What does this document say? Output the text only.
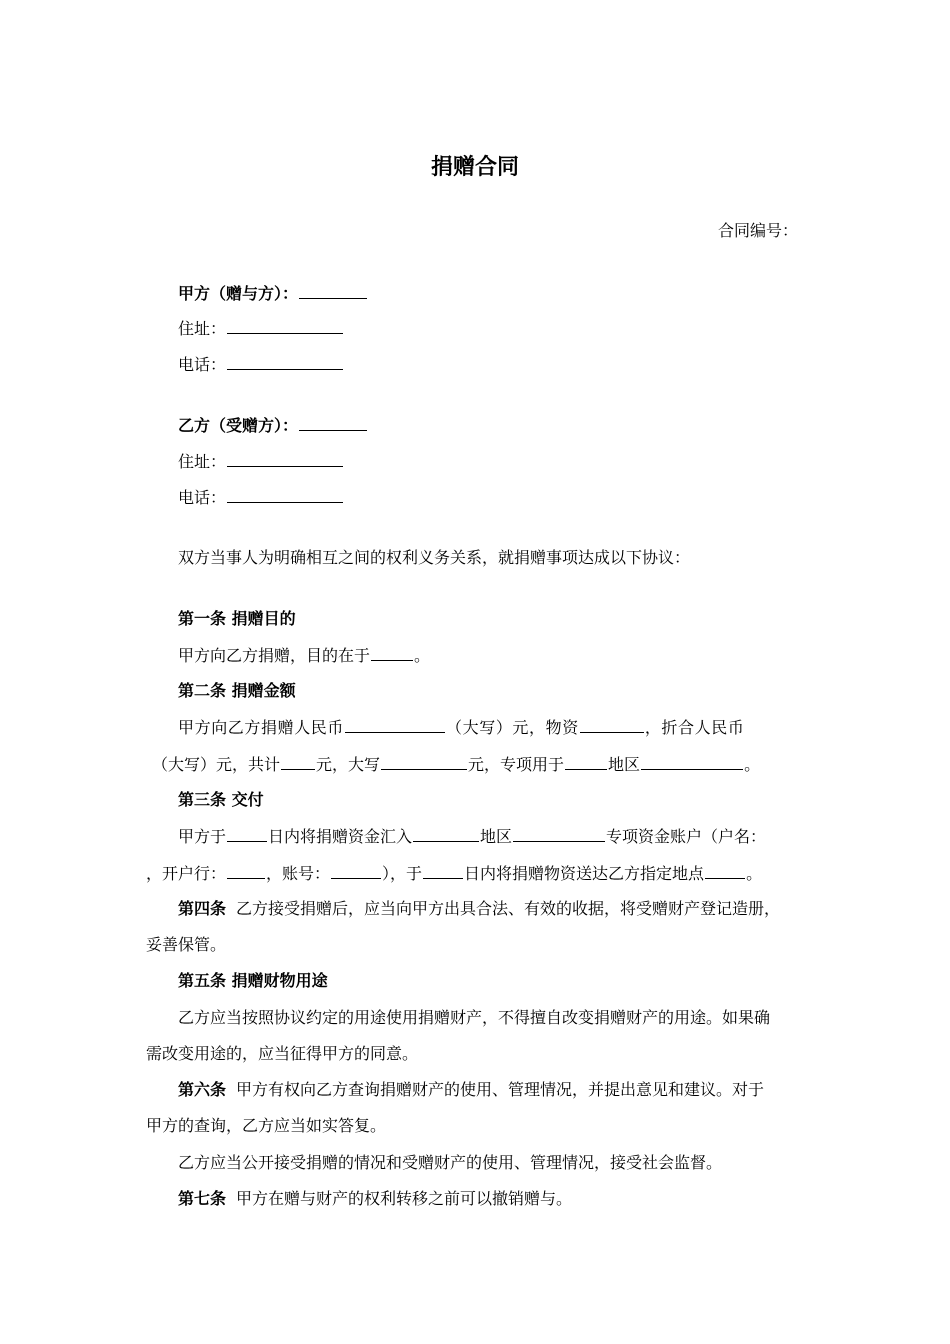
捐赠合同
合同编号：
甲方（赠与方）：
住址：
电话：
乙方（受赠方）：
住址：
电话：
双方当事人为明确相互之间的权利义务关系，就捐赠事项达成以下协议：
第一条 捐赠目的
甲方向乙方捐赠，目的在于	。
第二条 捐赠金额
甲方向乙方捐赠人民币	（大写）元，物资	，折合人民币
（大写）元，共计 元，大写	元，专项用于	地区	。
第三条 交付
甲方于	日内将捐赠资金汇入	地区	专项资金账户（户名：
，开户行：	，账号：	），于	日内将捐赠物资送达乙方指定地点	。
第四条 乙方接受捐赠后，应当向甲方出具合法、有效的收据，将受赠财产登记造册，
妥善保管。
第五条 捐赠财物用途
乙方应当按照协议约定的用途使用捐赠财产，不得擅自改变捐赠财产的用途。如果确
需改变用途的，应当征得甲方的同意。
第六条 甲方有权向乙方查询捐赠财产的使用、管理情况，并提出意见和建议。对于
甲方的查询，乙方应当如实答复。
乙方应当公开接受捐赠的情况和受赠财产的使用、管理情况，接受社会监督。
第七条 甲方在赠与财产的权利转移之前可以撤销赠与。
